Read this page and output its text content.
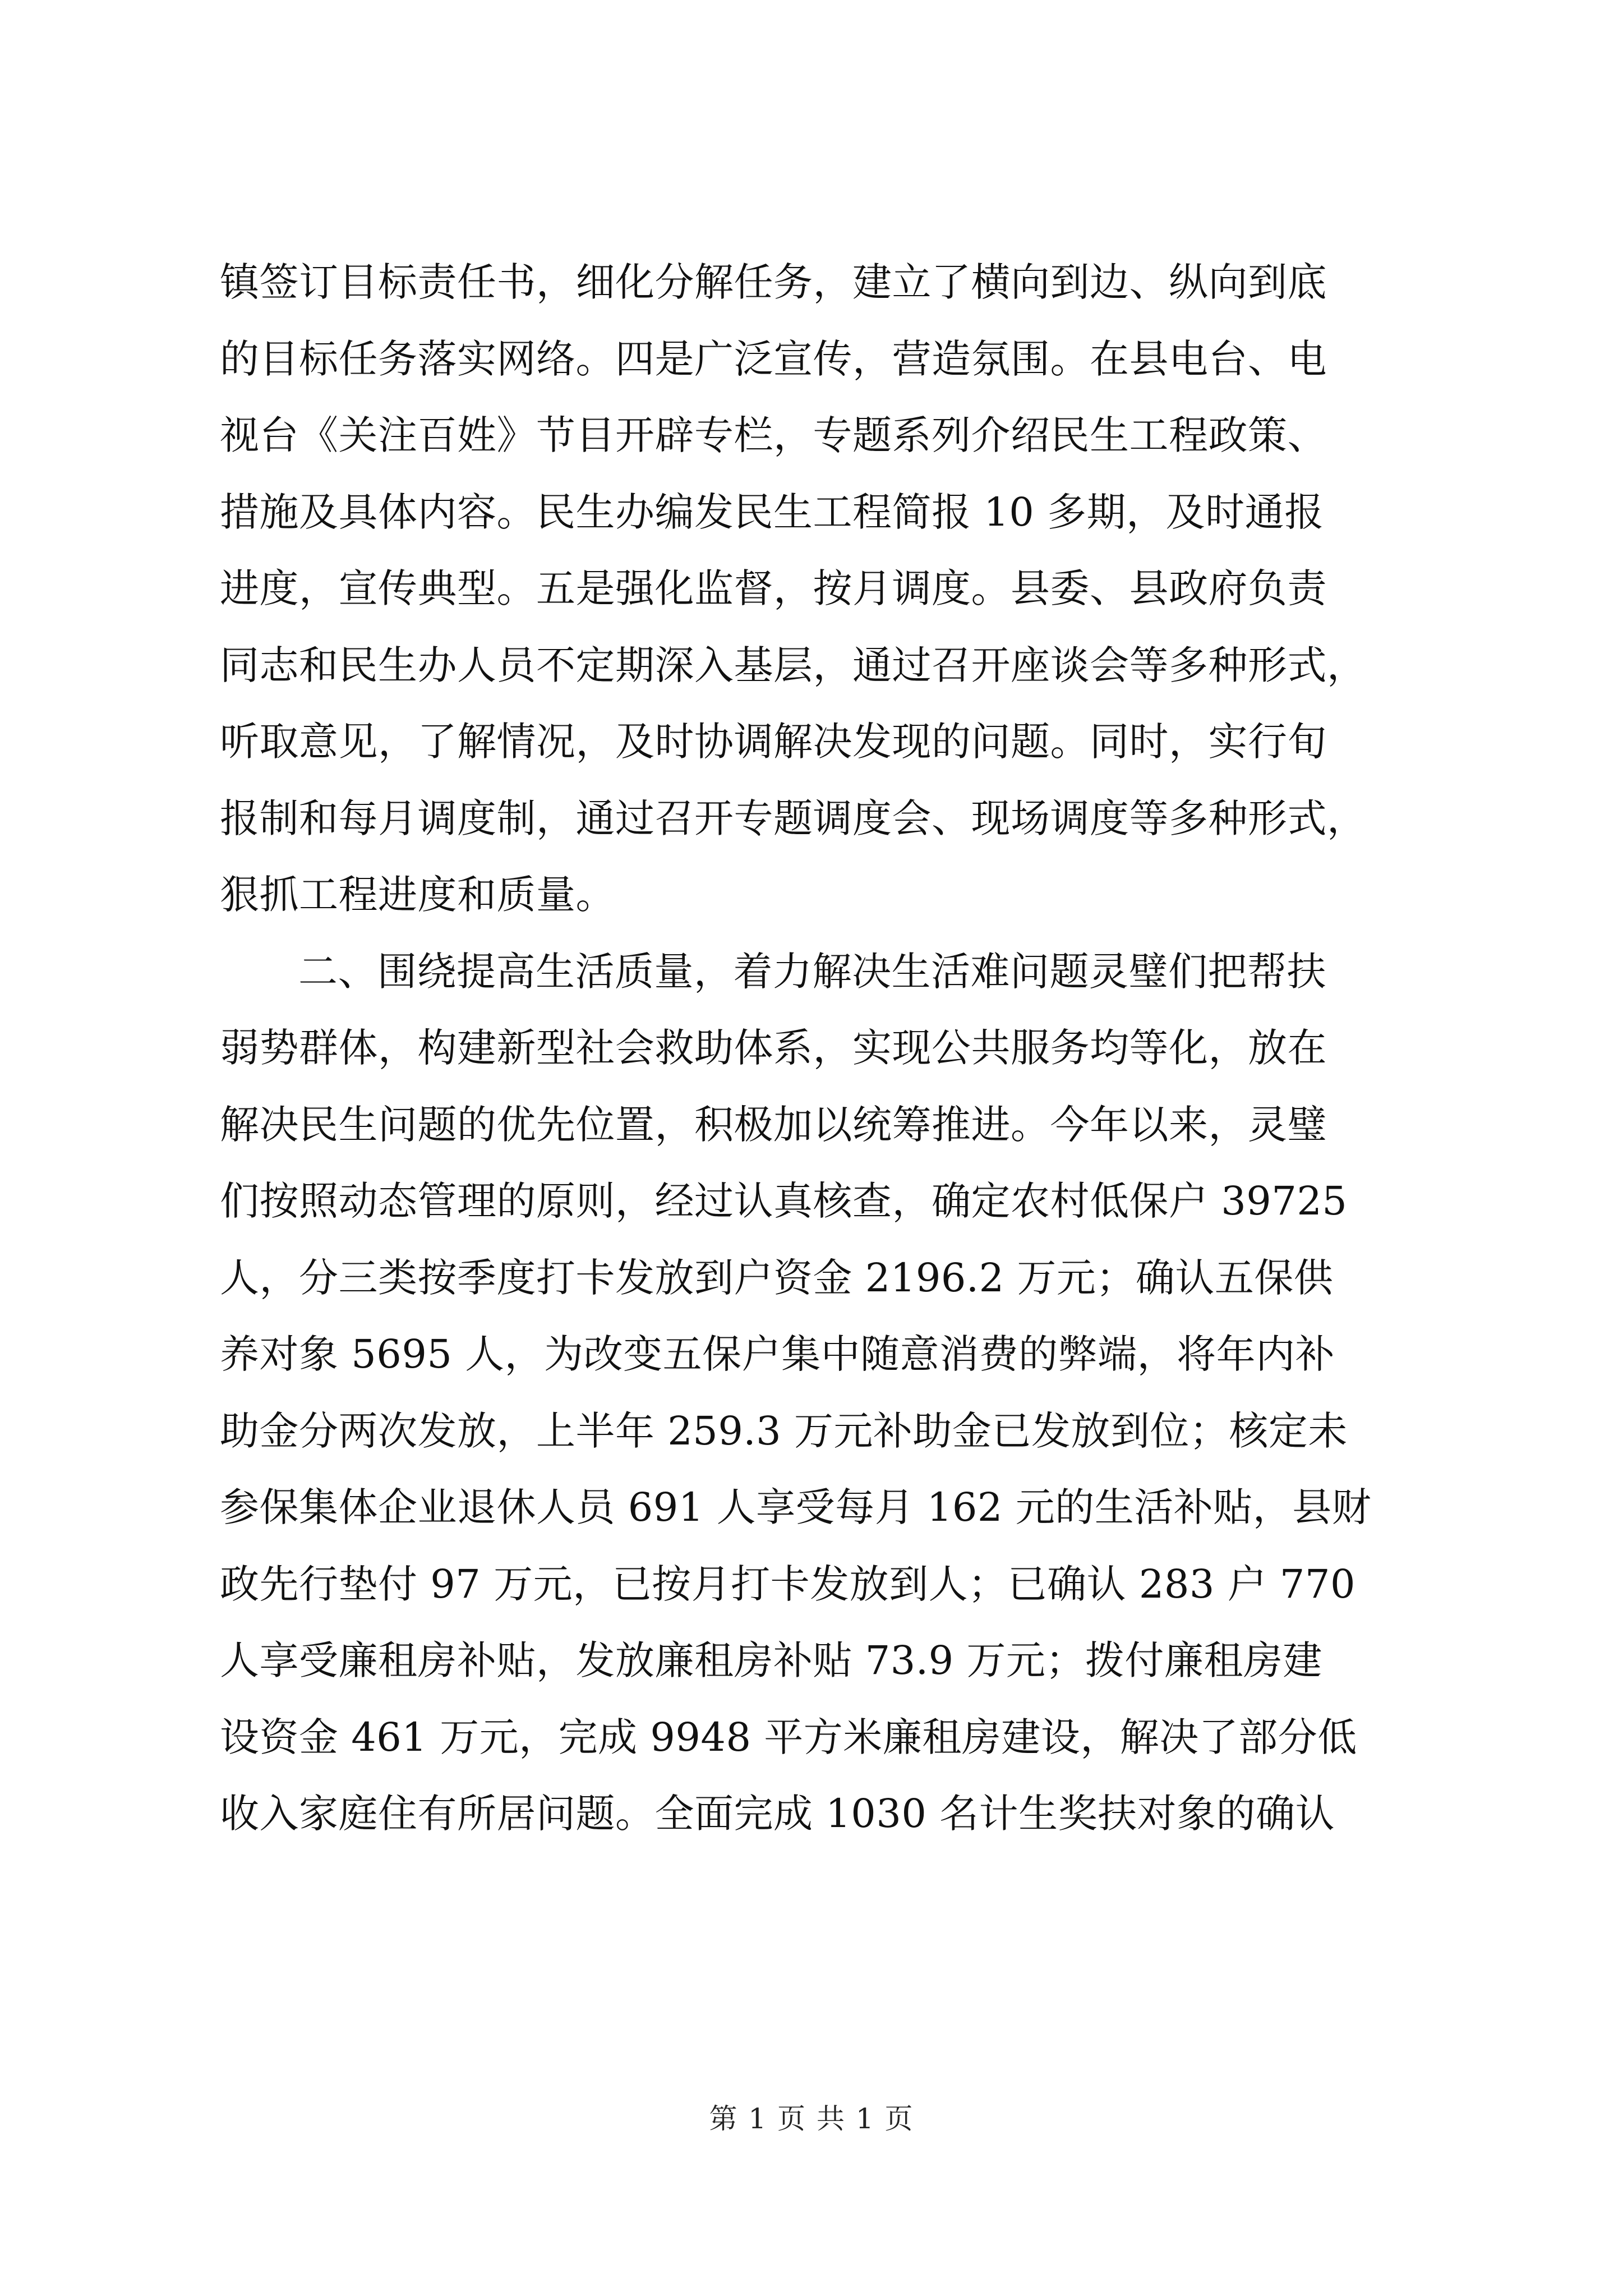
镇签订目标责任书，细化分解任务，建立了横向到边、纵向到底
的目标任务落实网络。四是广泛宣传，营造氛围。在县电台、电
视台《关注百姓》节目开辟专栏，专题系列介绍民生工程政策、
措施及具体内容。民生办编发民生工程简报 10 多期，及时通报
进度，宣传典型。五是强化监督，按月调度。县委、县政府负责
同志和民生办人员不定期深入基层，通过召开座谈会等多种形式，
听取意见，了解情况，及时协调解决发现的问题。同时，实行旬
报制和每月调度制，通过召开专题调度会、现场调度等多种形式，
狠抓工程进度和质量。
二、围绕提高生活质量，着力解决生活难问题灵璧们把帮扶
弱势群体，构建新型社会救助体系，实现公共服务均等化，放在
解决民生问题的优先位置，积极加以统筹推进。今年以来，灵璧
们按照动态管理的原则，经过认真核查，确定农村低保户 39725
人，分三类按季度打卡发放到户资金 2196.2 万元；确认五保供
养对象 5695 人，为改变五保户集中随意消费的弊端，将年内补
助金分两次发放，上半年 259.3 万元补助金已发放到位；核定未
参保集体企业退休人员 691 人享受每月 162 元的生活补贴，县财
政先行垫付 97 万元，已按月打卡发放到人；已确认 283 户 770
人享受廉租房补贴，发放廉租房补贴 73.9 万元；拨付廉租房建
设资金 461 万元，完成 9948 平方米廉租房建设，解决了部分低
收入家庭住有所居问题。全面完成 1030 名计生奖扶对象的确认
第 1 页 共 1 页
